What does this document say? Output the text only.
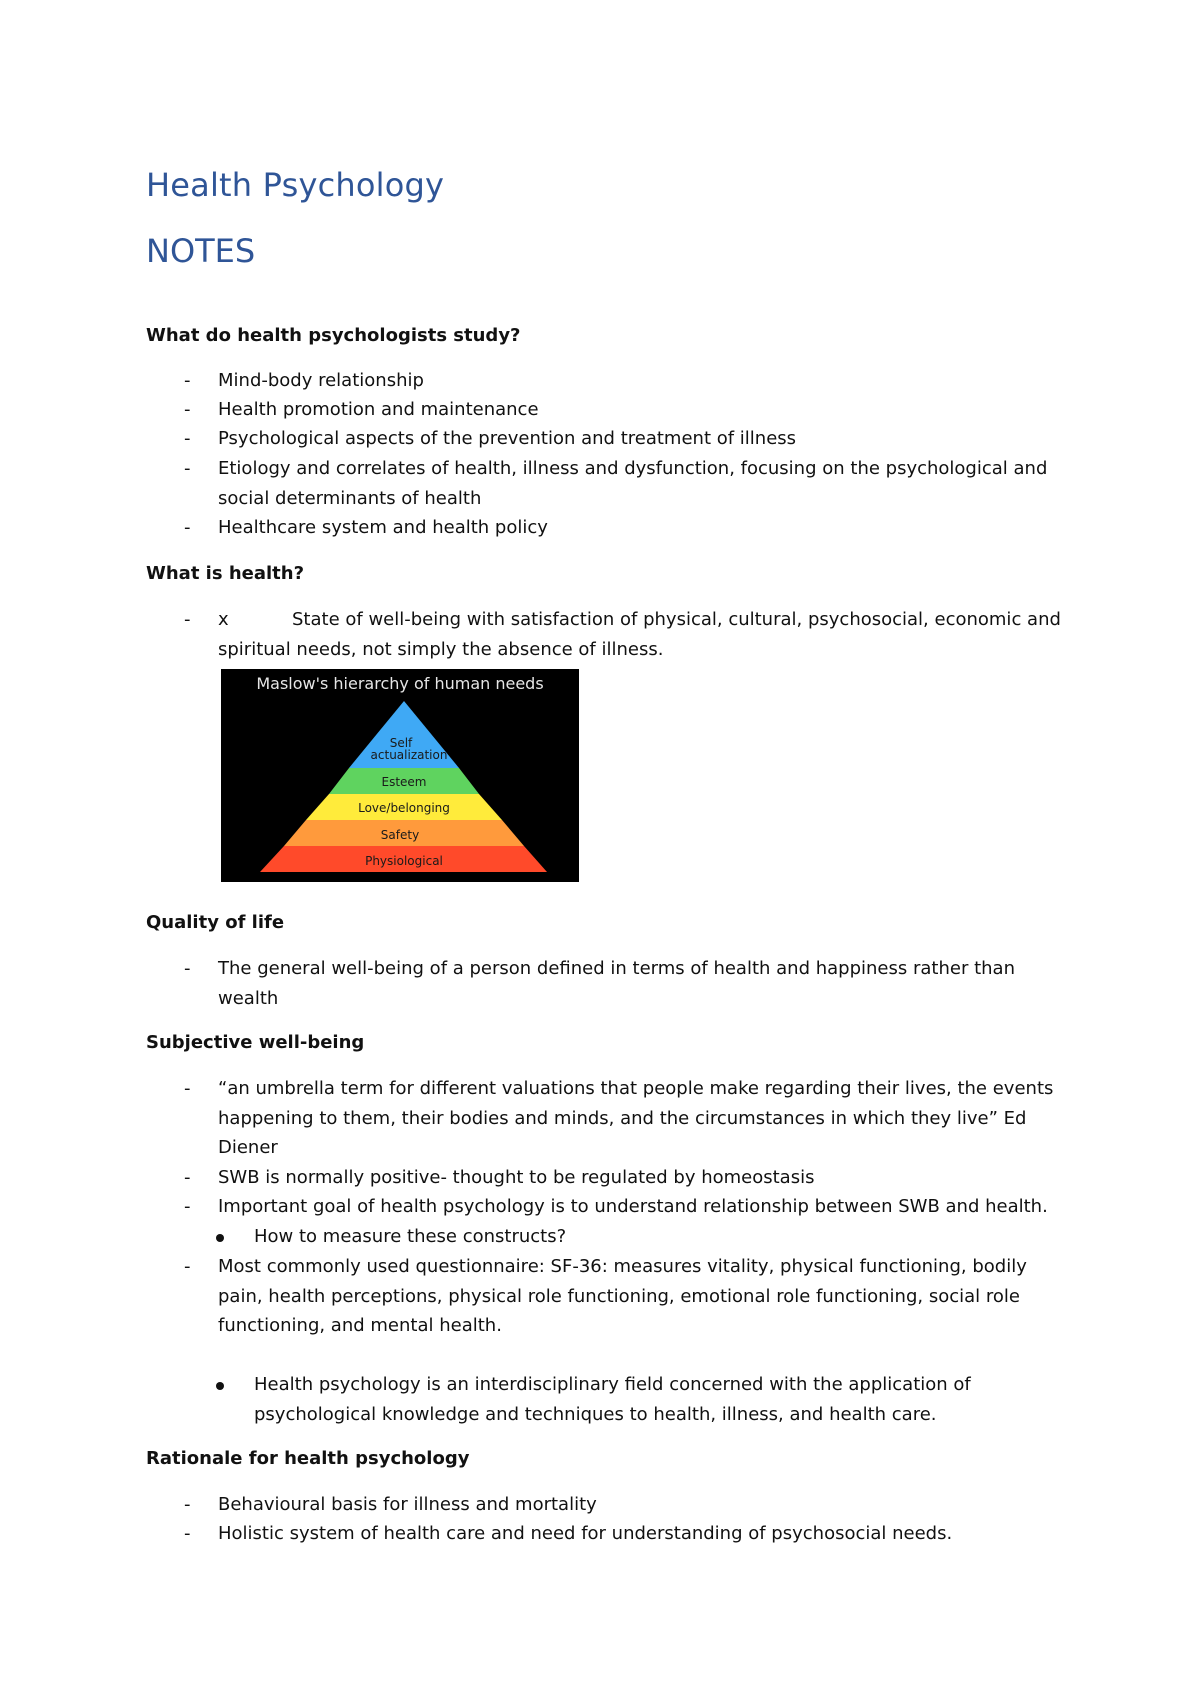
Health Psychology
NOTES
What do health psychologists study?
-	Mind-body relationship
-	Health promotion and maintenance
-	Psychological aspects of the prevention and treatment of illness
-	Etiology and correlates of health, illness and dysfunction, focusing on the psychological and social determinants of health
-	Healthcare system and health policy
What is health?
-	x	State of well-being with satisfaction of physical, cultural, psychosocial, economic and spiritual needs, not simply the absence of illness.
Maslow's hierarchy of human needs
Self
actualization
Esteem
Love/belonging
Safety
Physiological
Quality of life
-	The general well-being of a person defined in terms of health and happiness rather than wealth
Subjective well-being
-	“an umbrella term for different valuations that people make regarding their lives, the events happening to them, their bodies and minds, and the circumstances in which they live” Ed Diener
-	SWB is normally positive- thought to be regulated by homeostasis
-	Important goal of health psychology is to understand relationship between SWB and health.
How to measure these constructs?
-	Most commonly used questionnaire: SF-36: measures vitality, physical functioning, bodily pain, health perceptions, physical role functioning, emotional role functioning, social role functioning, and mental health.
Health psychology is an interdisciplinary field concerned with the application of psychological knowledge and techniques to health, illness, and health care.
Rationale for health psychology
-	Behavioural basis for illness and mortality
-	Holistic system of health care and need for understanding of psychosocial needs.
